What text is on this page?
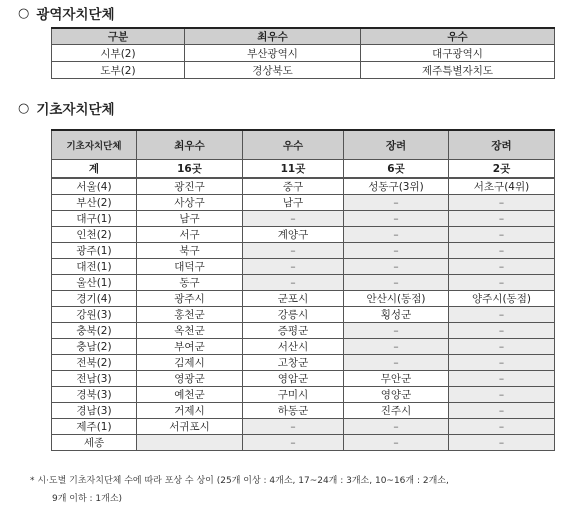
○ 광역자치단체
구분	최우수	우수
시부(2)	부산광역시	대구광역시
도부(2)	경상북도	제주특별자치도
○ 기초자치단체
기초자치단체	최우수	우수	장려	장려
계	16곳	11곳	6곳	2곳
서울(4)	광진구	중구	성동구(3위)	서초구(4위)
부산(2)	사상구	남구	–	–
대구(1)	남구	–	–	–
인천(2)	서구	계양구	–	–
광주(1)	북구	–	–	–
대전(1)	대덕구	–	–	–
울산(1)	동구	–	–	–
경기(4)	광주시	군포시	안산시(동점)	양주시(동점)
강원(3)	홍천군	강릉시	횡성군	–
충북(2)	옥천군	증평군	–	–
충남(2)	부여군	서산시	–	–
전북(2)	김제시	고창군	–	–
전남(3)	영광군	영암군	무안군	–
경북(3)	예천군	구미시	영양군	–
경남(3)	거제시	하동군	진주시	–
제주(1)	서귀포시	–	–	–
세종		–	–	–
* 시·도별 기초자치단체 수에 따라 포상 수 상이 (25개 이상 : 4개소, 17~24개 : 3개소, 10~16개 : 2개소,
9개 이하 : 1개소)
